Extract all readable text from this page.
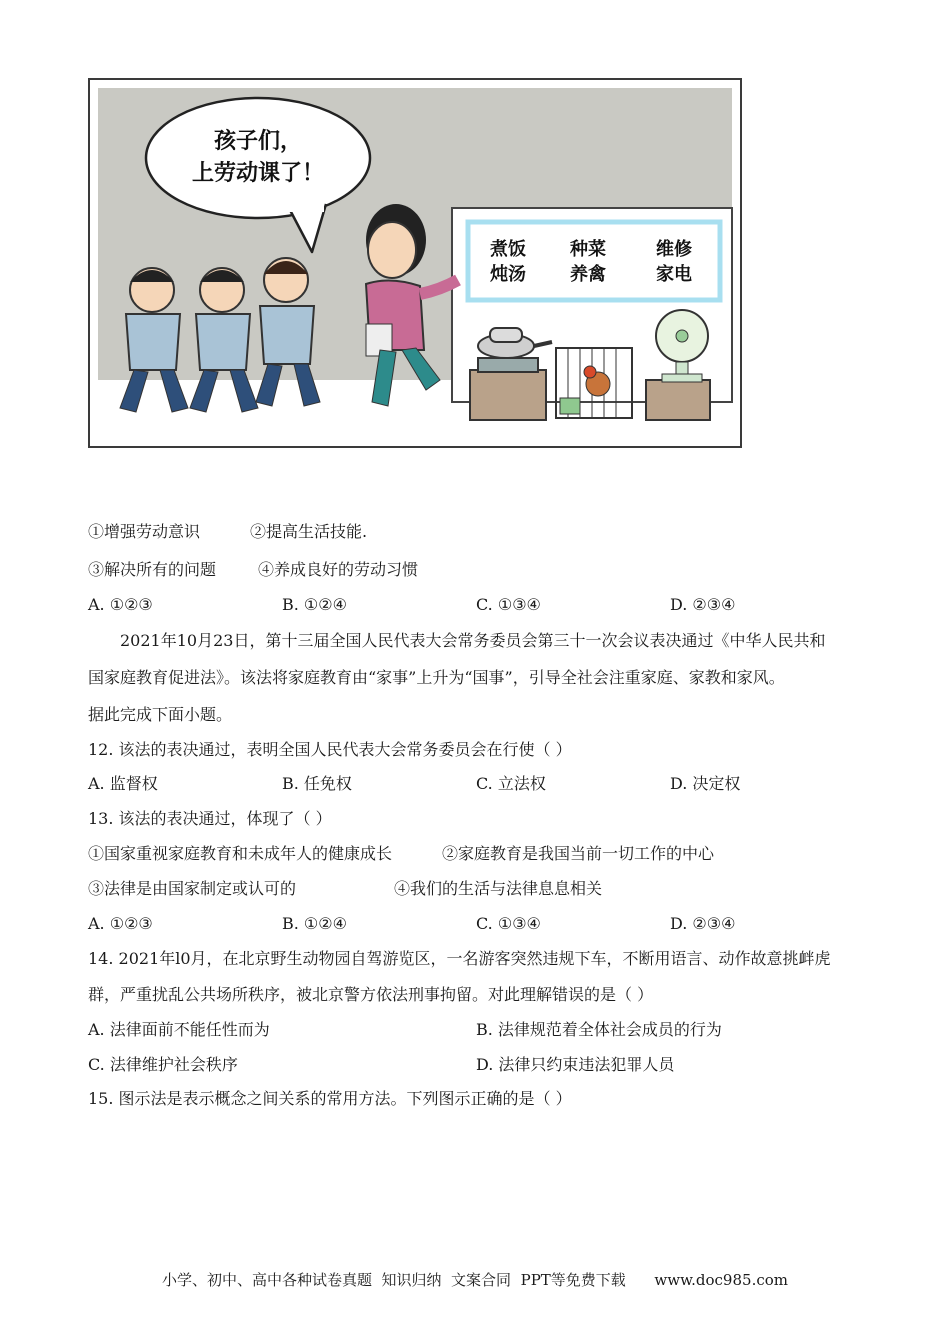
孩子们，
上劳动课了！
煮饭
炖汤
种菜
养禽
维修
家电
①增强劳动意识	②提高生活技能.
③解决所有的问题	④养成良好的劳动习惯
A. ①②③	B. ①②④	C. ①③④	D. ②③④
2021年10月23日，第十三届全国人民代表大会常务委员会第三十一次会议表决通过《中华人民共和
国家庭教育促进法》。该法将家庭教育由“家事”上升为“国事”，引导全社会注重家庭、家教和家风。
据此完成下面小题。
12. 该法的表决通过，表明全国人民代表大会常务委员会在行使（ ）
A. 监督权	B. 任免权	C. 立法权	D. 决定权
13. 该法的表决通过，体现了（ ）
①国家重视家庭教育和未成年人的健康成长	②家庭教育是我国当前一切工作的中心
③法律是由国家制定或认可的	④我们的生活与法律息息相关
A. ①②③	B. ①②④	C. ①③④	D. ②③④
14. 2021年l0月，在北京野生动物园自驾游览区，一名游客突然违规下车，不断用语言、动作故意挑衅虎
群，严重扰乱公共场所秩序，被北京警方依法刑事拘留。对此理解错误的是（ ）
A. 法律面前不能任性而为	B. 法律规范着全体社会成员的行为
C. 法律维护社会秩序	D. 法律只约束违法犯罪人员
15. 图示法是表示概念之间关系的常用方法。下列图示正确的是（ ）
小学、初中、高中各种试卷真题  知识归纳  文案合同  PPT等免费下载      www.doc985.com
